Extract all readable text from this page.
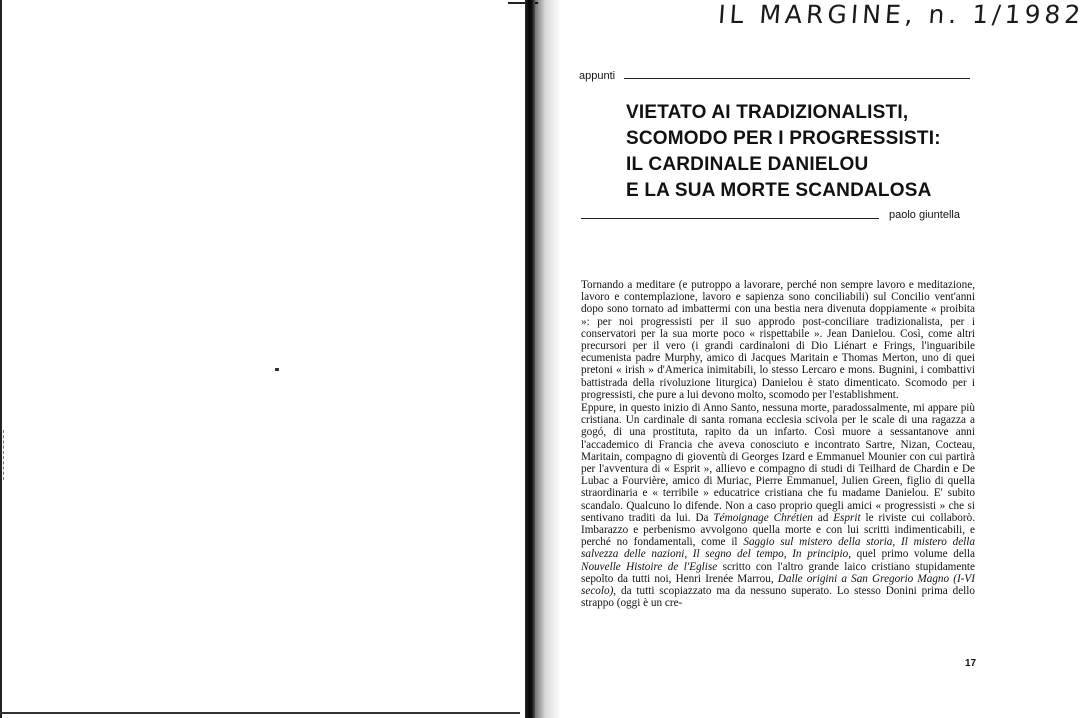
IL MARGINE, n. 1/1982
appunti
VIETATO AI TRADIZIONALISTI,
SCOMODO PER I PROGRESSISTI:
IL CARDINALE DANIELOU
E LA SUA MORTE SCANDALOSA
paolo giuntella

Tornando a meditare (e putroppo a lavorare, perché non sempre lavoro e meditazione, lavoro e contemplazione, lavoro e sapienza sono conciliabili) sul Concilio vent'anni dopo sono tornato ad imbattermi con una bestia nera divenuta doppiamente « proibita »: per noi progressisti per il suo approdo post-conciliare tradizionalista, per i conservatori per la sua morte poco « rispettabile ». Jean Danielou. Così, come altri precursori per il vero (i grandi cardinaloni di Dio Liénart e Frings, l'inguaribile ecumenista padre Murphy, amico di Jacques Maritain e Thomas Merton, uno di quei pretoni « irish » d'America inimitabili, lo stesso Lercaro e mons. Bugnini, i combattivi battistrada della rivoluzione liturgica) Danielou è stato dimenticato. Scomodo per i progressisti, che pure a lui devono molto, scomodo per l'establishment.

Eppure, in questo inizio di Anno Santo, nessuna morte, paradossalmente, mi appare più cristiana. Un cardinale di santa romana ecclesia scivola per le scale di una ragazza a gogó, di una prostituta, rapito da un infarto. Così muore a sessantanove anni l'accademico di Francia che aveva conosciuto e incontrato Sartre, Nizan, Cocteau, Maritain, compagno di gioventù di Georges Izard e Emmanuel Mounier con cui partirà per l'avventura di « Esprit », allievo e compagno di studi di Teilhard de Chardin e De Lubac a Fourvière, amico di Muriac, Pierre Emmanuel, Julien Green, figlio di quella straordinaria e « terribile » educatrice cristiana che fu madame Danielou. E' subito scandalo. Qualcuno lo difende. Non a caso proprio quegli amici « progressisti » che si sentivano traditi da lui. Da Témoignage Chrétien ad Esprit le riviste cui collaborò. Imbarazzo e perbenismo avvolgono quella morte e con lui scritti indimenticabili, e perché no fondamentali, come il Saggio sul mistero della storia, Il mistero della salvezza delle nazioni, Il segno del tempo, In principio, quel primo volume della Nouvelle Histoire de l'Eglise scritto con l'altro grande laico cristiano stupidamente sepolto da tutti noi, Henri Irenée Marrou, Dalle origini a San Gregorio Magno (I-VI secolo), da tutti scopiazzato ma da nessuno superato. Lo stesso Donini prima dello strappo (oggi è un cre-

17
